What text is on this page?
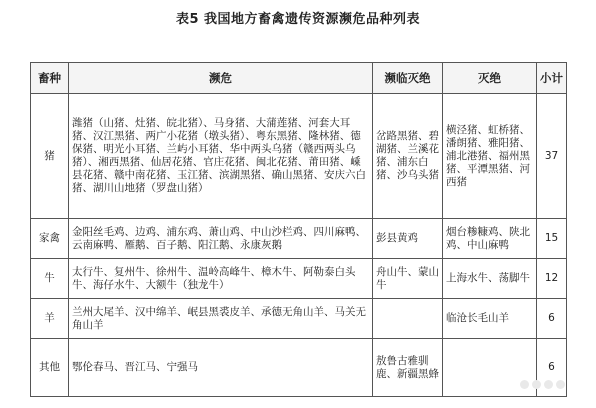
表5 我国地方畜禽遗传资源濒危品种列表
畜种	濒危	濒临灭绝	灭绝	小计
猪	潍猪（山猪、灶猪、皖北猪）、马身猪、大蒲莲猪、河套大耳猪、汉江黑猪、两广小花猪（墩头猪）、粤东黑猪、隆林猪、德保猪、明光小耳猪、兰屿小耳猪、华中两头乌猪（赣西两头乌猪）、湘西黑猪、仙居花猪、官庄花猪、闽北花猪、莆田猪、嵊县花猪、赣中南花猪、玉江猪、滨湖黑猪、确山黑猪、安庆六白猪、湖川山地猪（罗盘山猪）	岔路黑猪、碧湖猪、兰溪花猪、浦东白猪、沙乌头猪	横泾猪、虹桥猪、潘朗猪、雅阳猪、浦北港猪、福州黑猪、平潭黑猪、河西猪	37
家禽	金阳丝毛鸡、边鸡、浦东鸡、萧山鸡、中山沙栏鸡、四川麻鸭、云南麻鸭、雁鹅、百子鹅、阳江鹅、永康灰鹅	彭县黄鸡	烟台糁糠鸡、陕北鸡、中山麻鸭	15
牛	太行牛、复州牛、徐州牛、温岭高峰牛、樟木牛、阿勒泰白头牛、海仔水牛、大额牛（独龙牛）	舟山牛、蒙山牛	上海水牛、荡脚牛	12
羊	兰州大尾羊、汉中绵羊、岷县黑裘皮羊、承德无角山羊、马关无角山羊		临沧长毛山羊	6
其他	鄂伦春马、晋江马、宁强马	敖鲁古雅驯鹿、新疆黑蜂		6
